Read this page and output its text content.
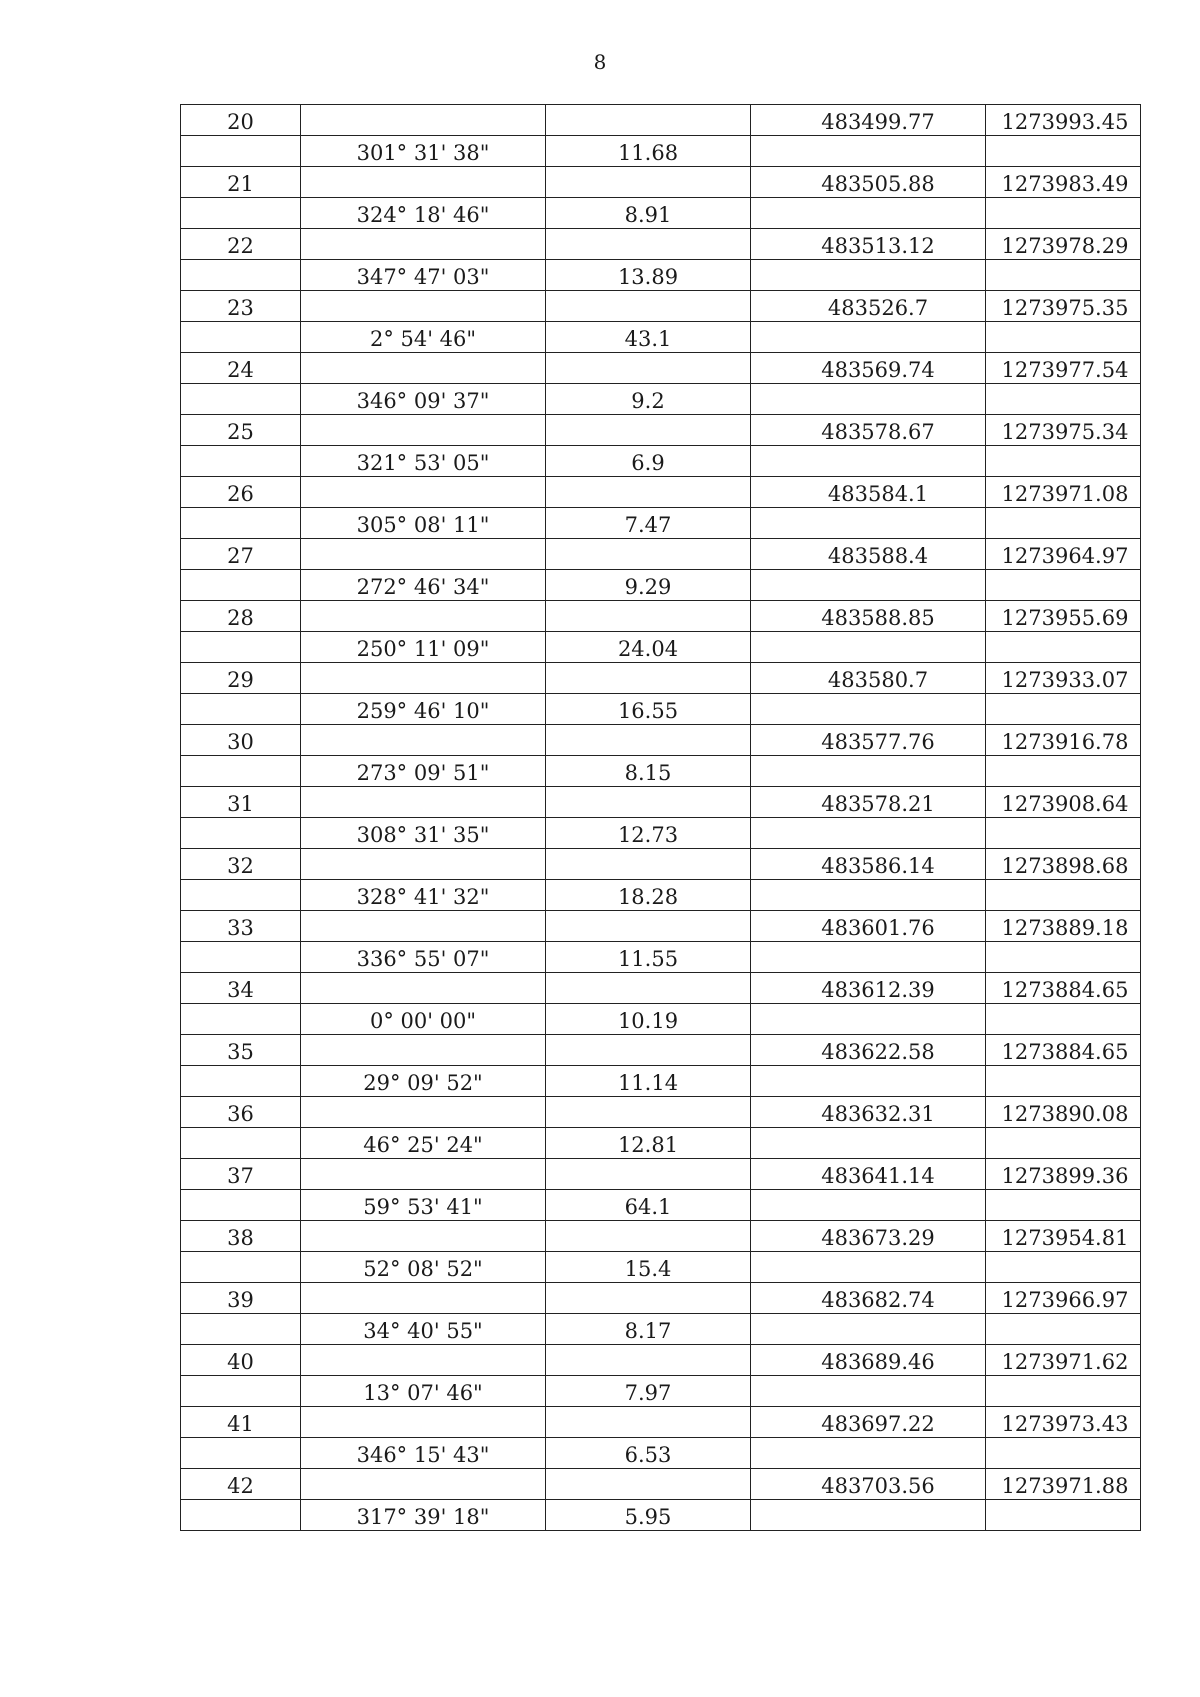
8
20			483499.77	1273993.45
	301° 31' 38"	11.68		
21			483505.88	1273983.49
	324° 18' 46"	8.91		
22			483513.12	1273978.29
	347° 47' 03"	13.89		
23			483526.7	1273975.35
	2° 54' 46"	43.1		
24			483569.74	1273977.54
	346° 09' 37"	9.2		
25			483578.67	1273975.34
	321° 53' 05"	6.9		
26			483584.1	1273971.08
	305° 08' 11"	7.47		
27			483588.4	1273964.97
	272° 46' 34"	9.29		
28			483588.85	1273955.69
	250° 11' 09"	24.04		
29			483580.7	1273933.07
	259° 46' 10"	16.55		
30			483577.76	1273916.78
	273° 09' 51"	8.15		
31			483578.21	1273908.64
	308° 31' 35"	12.73		
32			483586.14	1273898.68
	328° 41' 32"	18.28		
33			483601.76	1273889.18
	336° 55' 07"	11.55		
34			483612.39	1273884.65
	0° 00' 00"	10.19		
35			483622.58	1273884.65
	29° 09' 52"	11.14		
36			483632.31	1273890.08
	46° 25' 24"	12.81		
37			483641.14	1273899.36
	59° 53' 41"	64.1		
38			483673.29	1273954.81
	52° 08' 52"	15.4		
39			483682.74	1273966.97
	34° 40' 55"	8.17		
40			483689.46	1273971.62
	13° 07' 46"	7.97		
41			483697.22	1273973.43
	346° 15' 43"	6.53		
42			483703.56	1273971.88
	317° 39' 18"	5.95		
